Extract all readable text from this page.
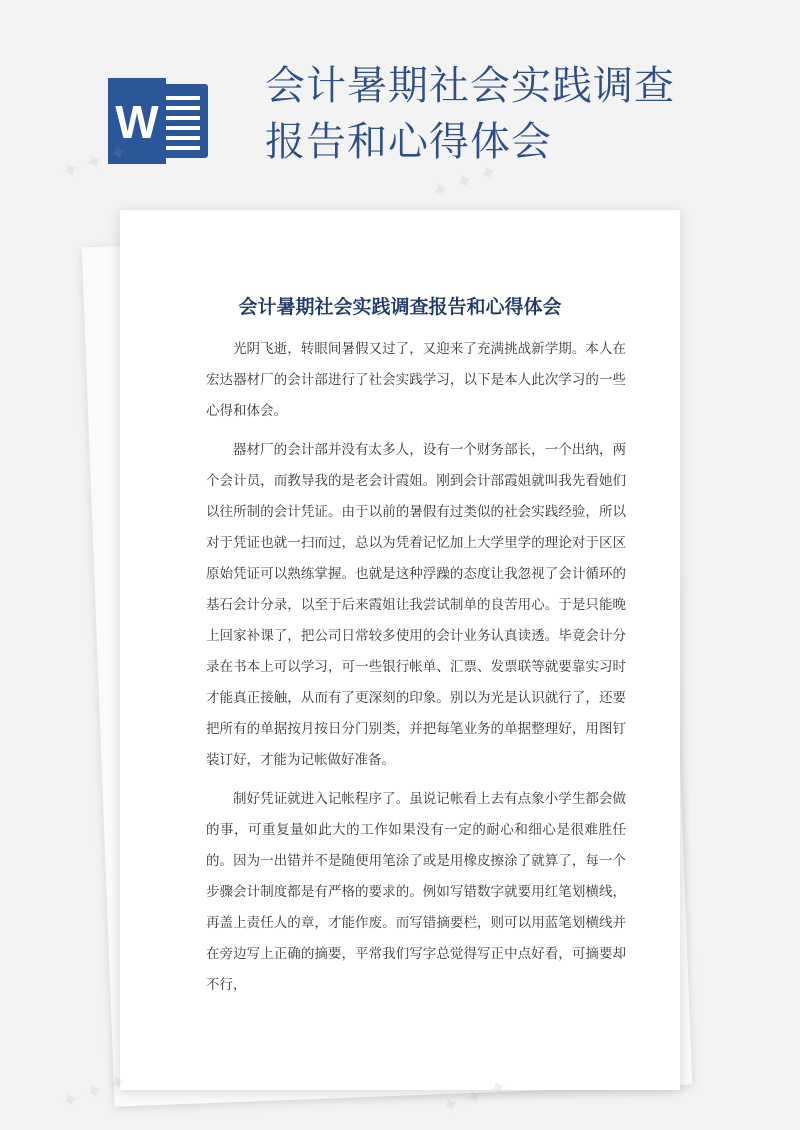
W
会计暑期社会实践调查
报告和心得体会
会计暑期社会实践调查报告和心得体会

光阴飞逝，转眼间暑假又过了，又迎来了充满挑战新学期。本人在宏达器材厂的会计部进行了社会实践学习，以下是本人此次学习的一些心得和体会。

器材厂的会计部并没有太多人，设有一个财务部长，一个出纳，两个会计员，而教导我的是老会计霞姐。刚到会计部霞姐就叫我先看她们以往所制的会计凭证。由于以前的暑假有过类似的社会实践经验，所以对于凭证也就一扫而过，总以为凭着记忆加上大学里学的理论对于区区原始凭证可以熟练掌握。也就是这种浮躁的态度让我忽视了会计循环的基石会计分录，以至于后来霞姐让我尝试制单的良苦用心。于是只能晚上回家补课了，把公司日常较多使用的会计业务认真读透。毕竟会计分录在书本上可以学习，可一些银行帐单、汇票、发票联等就要靠实习时才能真正接触，从而有了更深刻的印象。别以为光是认识就行了，还要把所有的单据按月按日分门别类，并把每笔业务的单据整理好，用图钉装订好，才能为记帐做好准备。

制好凭证就进入记帐程序了。虽说记帐看上去有点象小学生都会做的事，可重复量如此大的工作如果没有一定的耐心和细心是很难胜任的。因为一出错并不是随便用笔涂了或是用橡皮擦涂了就算了，每一个步骤会计制度都是有严格的要求的。例如写错数字就要用红笔划横线，再盖上责任人的章，才能作废。而写错摘要栏，则可以用蓝笔划横线并在旁边写上正确的摘要，平常我们写字总觉得写正中点好看，可摘要却不行，

✦ ✦ ✦	✦ ✦ ✦
✦ ✦ ✦	✦ ✦ ✦
